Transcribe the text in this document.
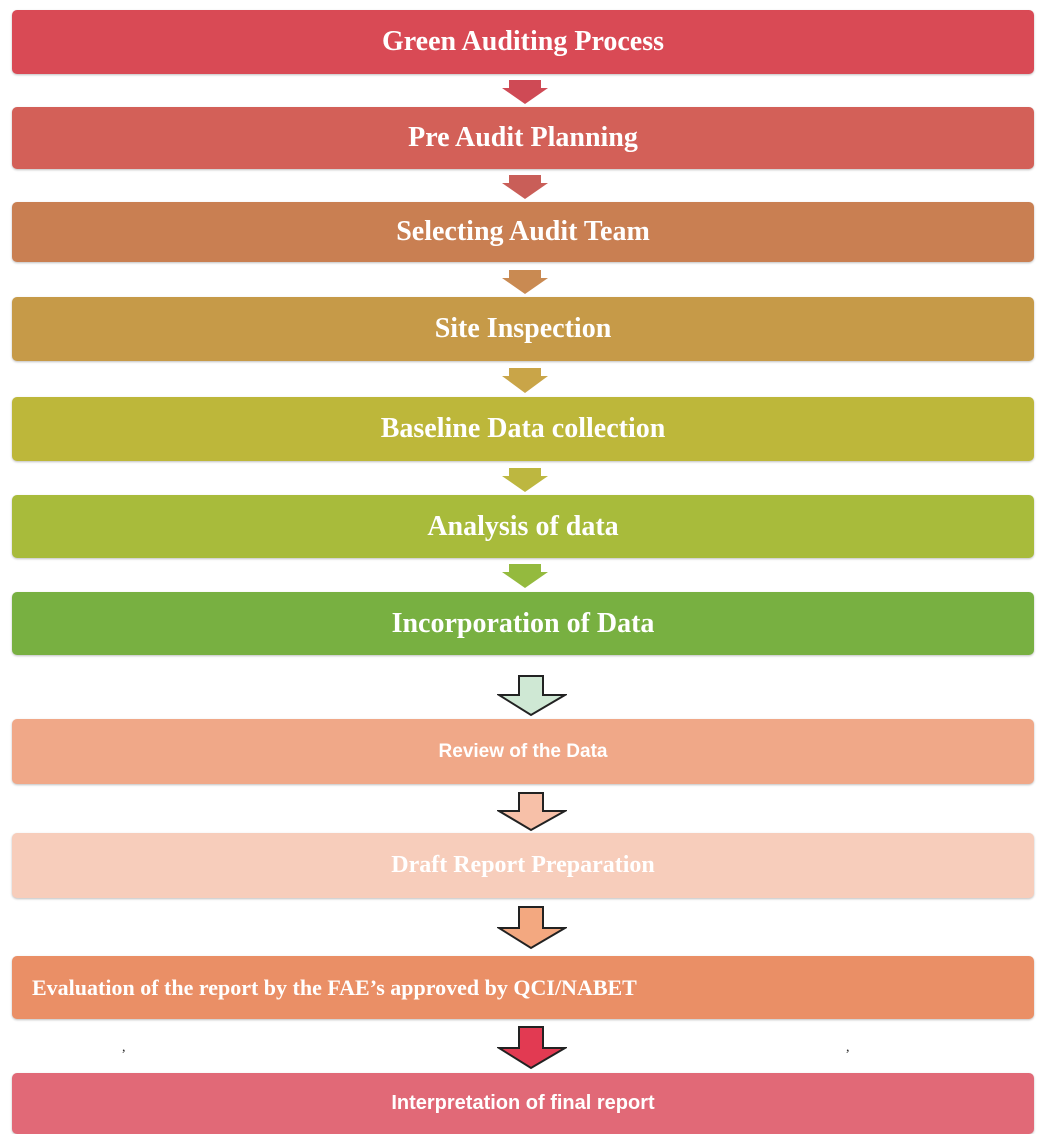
Green Auditing Process
Pre Audit Planning
Selecting Audit Team
Site Inspection
Baseline Data collection
Analysis of data
Incorporation of Data
Review of the Data
Draft Report Preparation
Evaluation of the report by the FAE’s approved by QCI/NABET
Interpretation of final report
,	,
